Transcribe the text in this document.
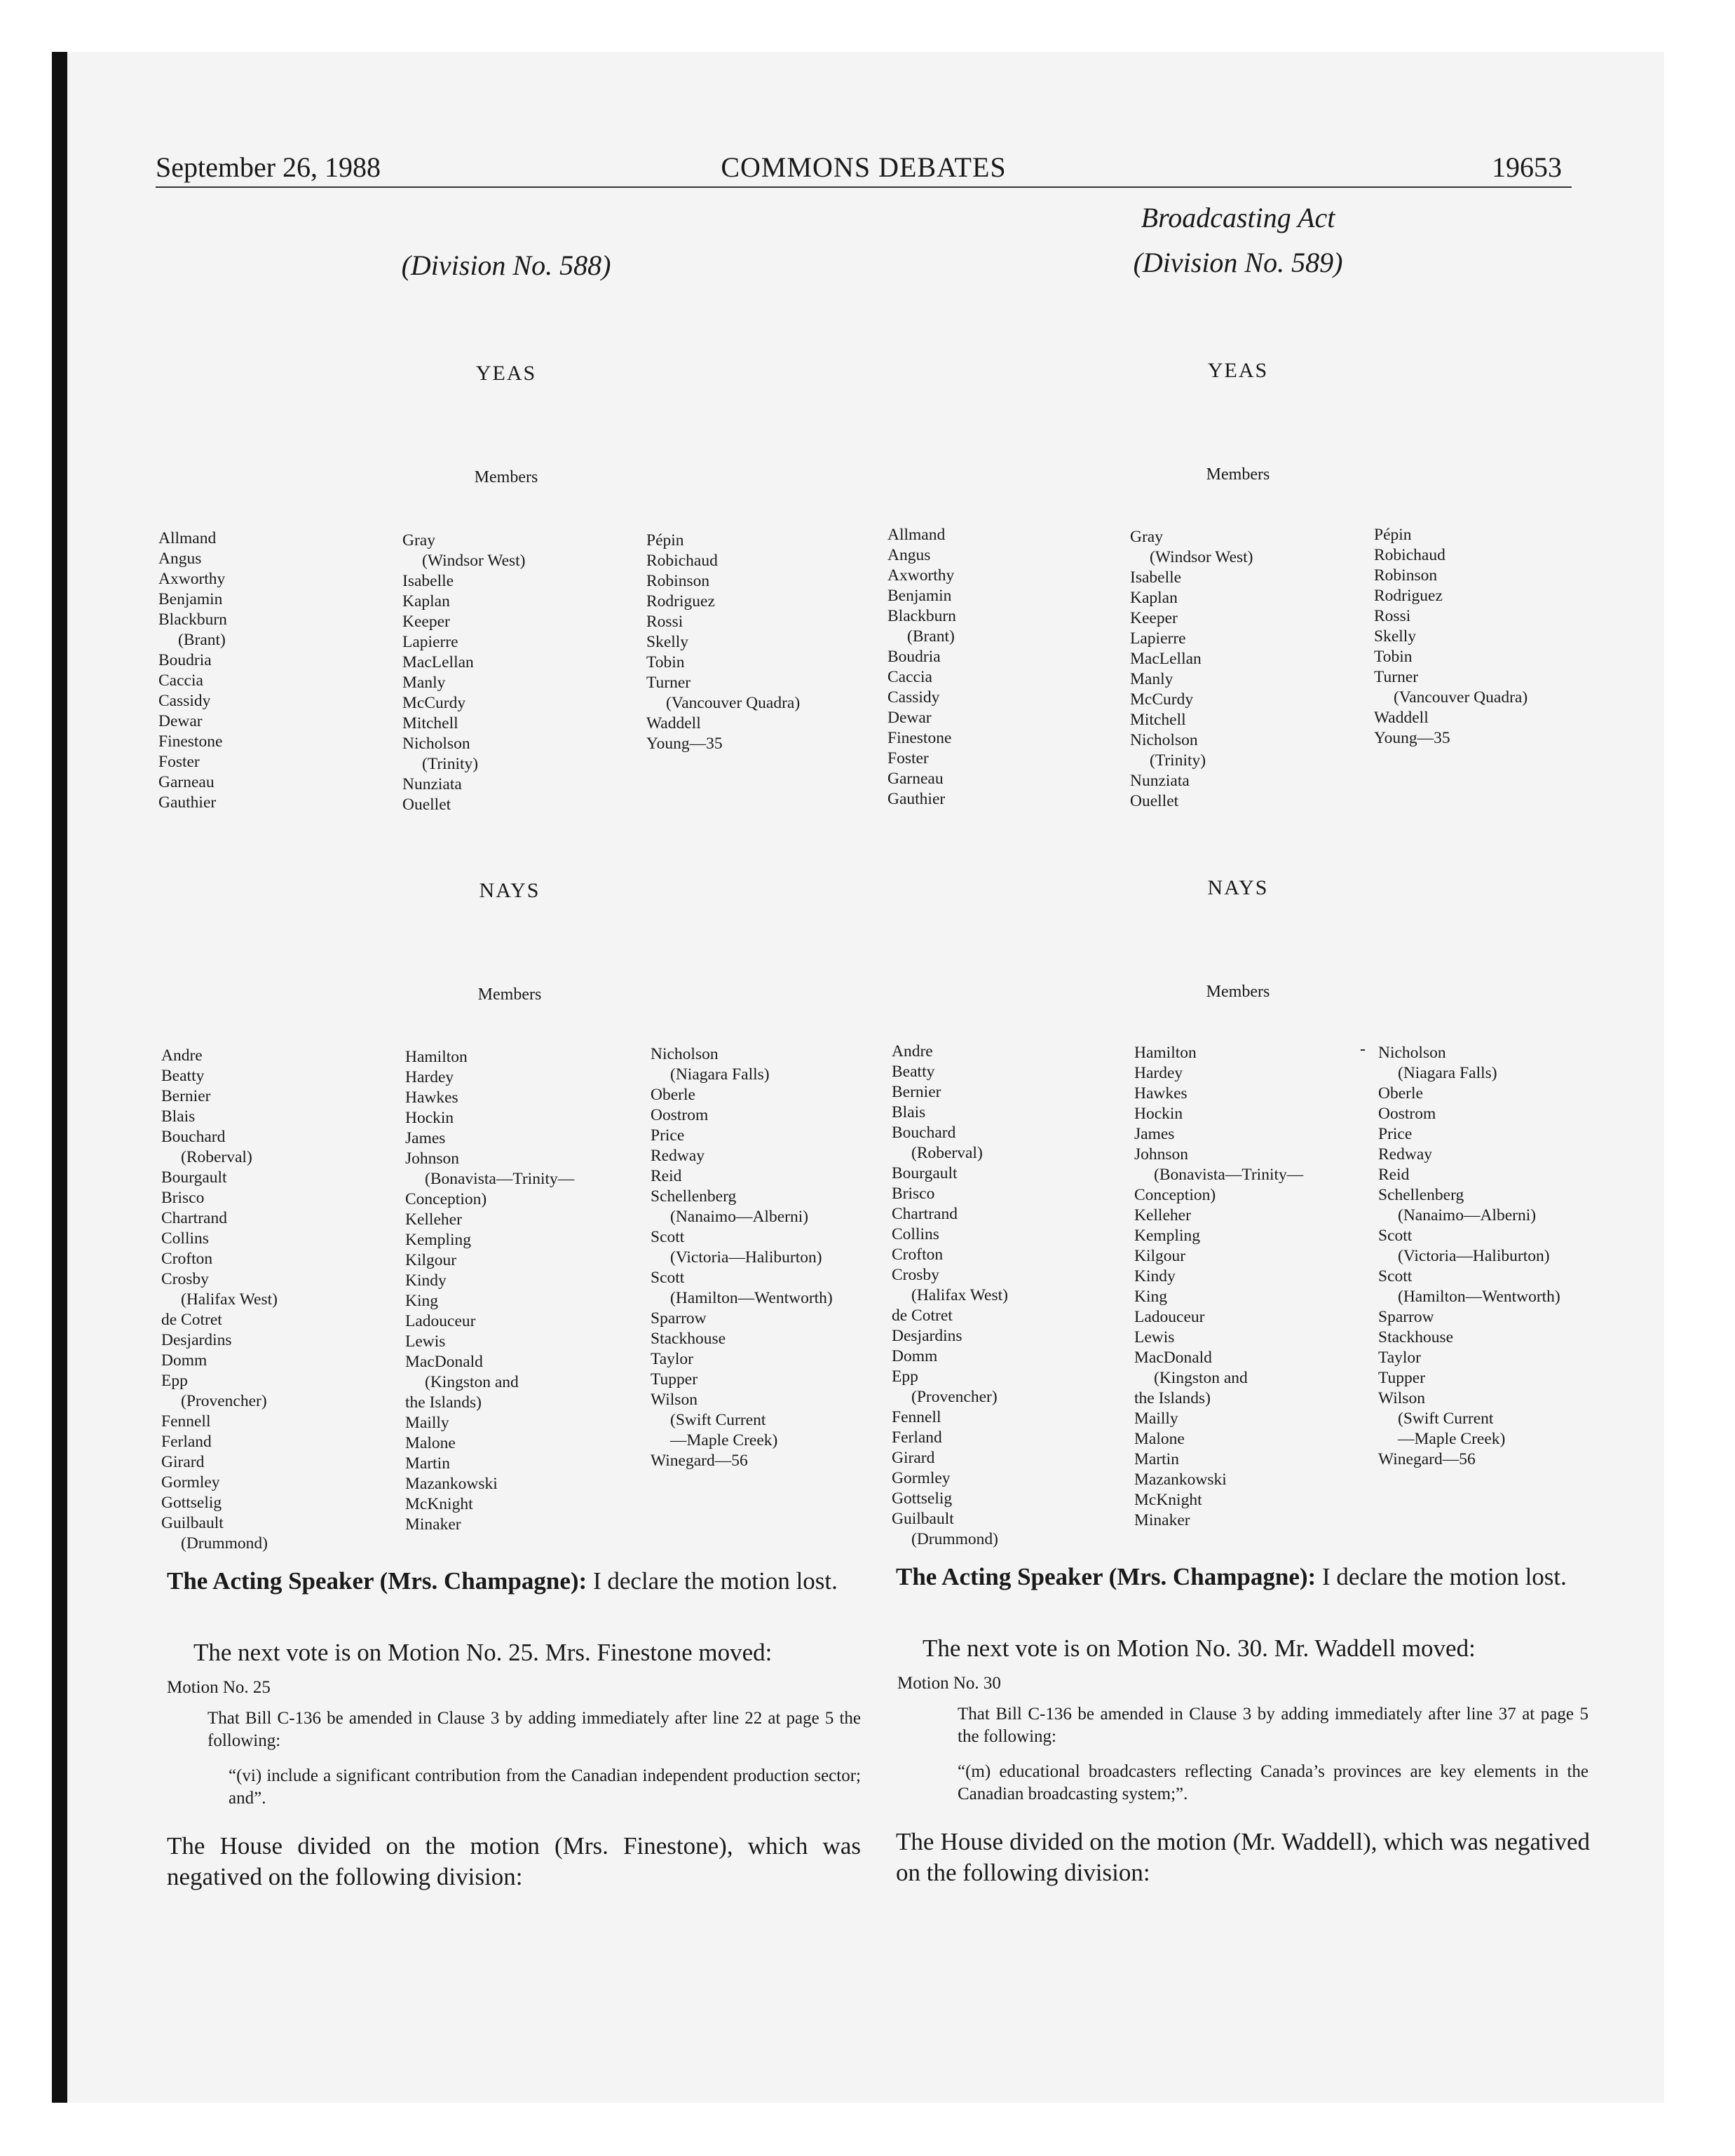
September 26, 1988	COMMONS DEBATES	19653
(Division No. 588)
YEAS
Members
Allmand
Angus
Axworthy
Benjamin
Blackburn
(Brant)
Boudria
Caccia
Cassidy
Dewar
Finestone
Foster
Garneau
Gauthier
Gray
(Windsor West)
Isabelle
Kaplan
Keeper
Lapierre
MacLellan
Manly
McCurdy
Mitchell
Nicholson
(Trinity)
Nunziata
Ouellet
Pépin
Robichaud
Robinson
Rodriguez
Rossi
Skelly
Tobin
Turner
(Vancouver Quadra)
Waddell
Young—35
NAYS
Members
Andre
Beatty
Bernier
Blais
Bouchard
(Roberval)
Bourgault
Brisco
Chartrand
Collins
Crofton
Crosby
(Halifax West)
de Cotret
Desjardins
Domm
Epp
(Provencher)
Fennell
Ferland
Girard
Gormley
Gottselig
Guilbault
(Drummond)
Hamilton
Hardey
Hawkes
Hockin
James
Johnson
(Bonavista—Trinity—
Conception)
Kelleher
Kempling
Kilgour
Kindy
King
Ladouceur
Lewis
MacDonald
(Kingston and
the Islands)
Mailly
Malone
Martin
Mazankowski
McKnight
Minaker
Nicholson
(Niagara Falls)
Oberle
Oostrom
Price
Redway
Reid
Schellenberg
(Nanaimo—Alberni)
Scott
(Victoria—Haliburton)
Scott
(Hamilton—Wentworth)
Sparrow
Stackhouse
Taylor
Tupper
Wilson
(Swift Current
—Maple Creek)
Winegard—56
The Acting Speaker (Mrs. Champagne): I declare the motion lost.
The next vote is on Motion No. 25. Mrs. Finestone moved:
Motion No. 25
That Bill C-136 be amended in Clause 3 by adding immediately after line 22 at page 5 the following:
“(vi) include a significant contribution from the Canadian independent production sector; and”.
The House divided on the motion (Mrs. Finestone), which was negatived on the following division:
Broadcasting Act
(Division No. 589)
YEAS
Members
Allmand
Angus
Axworthy
Benjamin
Blackburn
(Brant)
Boudria
Caccia
Cassidy
Dewar
Finestone
Foster
Garneau
Gauthier
Gray
(Windsor West)
Isabelle
Kaplan
Keeper
Lapierre
MacLellan
Manly
McCurdy
Mitchell
Nicholson
(Trinity)
Nunziata
Ouellet
Pépin
Robichaud
Robinson
Rodriguez
Rossi
Skelly
Tobin
Turner
(Vancouver Quadra)
Waddell
Young—35
NAYS
Members
Andre
Beatty
Bernier
Blais
Bouchard
(Roberval)
Bourgault
Brisco
Chartrand
Collins
Crofton
Crosby
(Halifax West)
de Cotret
Desjardins
Domm
Epp
(Provencher)
Fennell
Ferland
Girard
Gormley
Gottselig
Guilbault
(Drummond)
Hamilton
Hardey
Hawkes
Hockin
James
Johnson
(Bonavista—Trinity—
Conception)
Kelleher
Kempling
Kilgour
Kindy
King
Ladouceur
Lewis
MacDonald
(Kingston and
the Islands)
Mailly
Malone
Martin
Mazankowski
McKnight
Minaker
Nicholson
(Niagara Falls)
Oberle
Oostrom
Price
Redway
Reid
Schellenberg
(Nanaimo—Alberni)
Scott
(Victoria—Haliburton)
Scott
(Hamilton—Wentworth)
Sparrow
Stackhouse
Taylor
Tupper
Wilson
(Swift Current
—Maple Creek)
Winegard—56
-
The Acting Speaker (Mrs. Champagne): I declare the motion lost.
The next vote is on Motion No. 30. Mr. Waddell moved:
Motion No. 30
That Bill C-136 be amended in Clause 3 by adding immediately after line 37 at page 5 the following:
“(m) educational broadcasters reflecting Canada’s provinces are key elements in the Canadian broadcasting system;”.
The House divided on the motion (Mr. Waddell), which was negatived on the following division:
